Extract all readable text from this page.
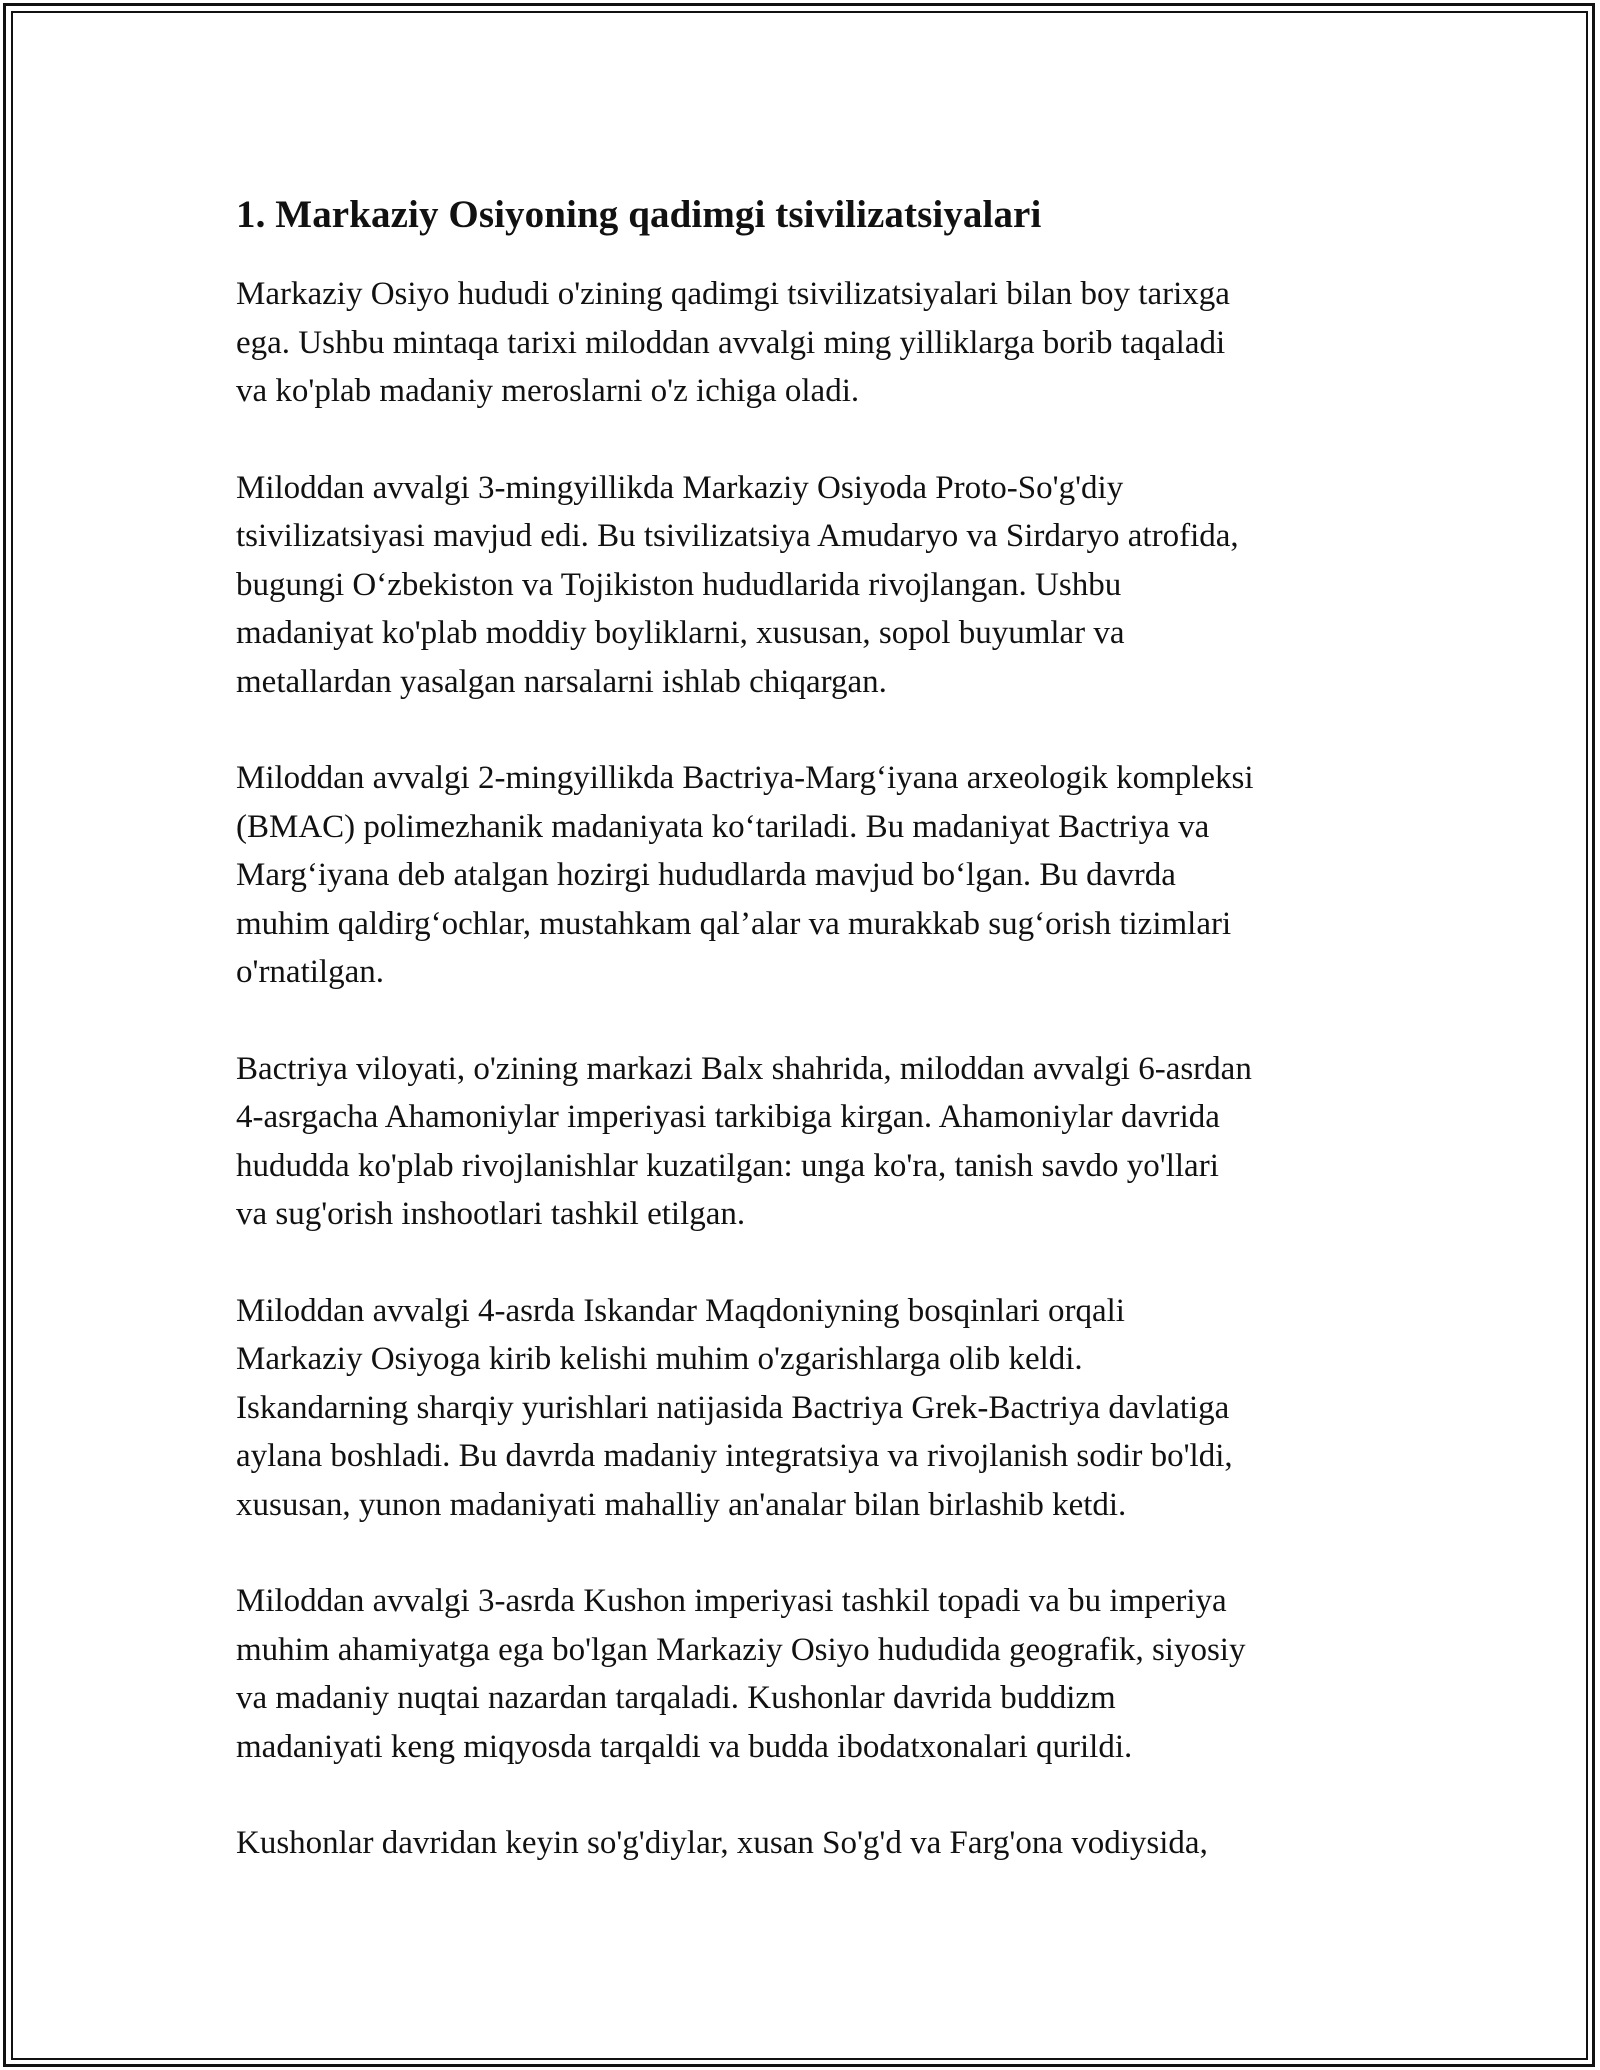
1. Markaziy Osiyoning qadimgi tsivilizatsiyalari

Markaziy Osiyo hududi o'zining qadimgi tsivilizatsiyalari bilan boy tarixga
ega. Ushbu mintaqa tarixi miloddan avvalgi ming yilliklarga borib taqaladi
va ko'plab madaniy meroslarni o'z ichiga oladi.

Miloddan avvalgi 3-mingyillikda Markaziy Osiyoda Proto-So'g'diy
tsivilizatsiyasi mavjud edi. Bu tsivilizatsiya Amudaryo va Sirdaryo atrofida,
bugungi O‘zbekiston va Tojikiston hududlarida rivojlangan. Ushbu
madaniyat ko'plab moddiy boyliklarni, xususan, sopol buyumlar va
metallardan yasalgan narsalarni ishlab chiqargan.

Miloddan avvalgi 2-mingyillikda Bactriya-Marg‘iyana arxeologik kompleksi
(BMAC) polimezhanik madaniyata ko‘tariladi. Bu madaniyat Bactriya va
Marg‘iyana deb atalgan hozirgi hududlarda mavjud bo‘lgan. Bu davrda
muhim qaldirg‘ochlar, mustahkam qal’alar va murakkab sug‘orish tizimlari
o'rnatilgan.

Bactriya viloyati, o'zining markazi Balx shahrida, miloddan avvalgi 6-asrdan
4-asrgacha Ahamoniylar imperiyasi tarkibiga kirgan. Ahamoniylar davrida
hududda ko'plab rivojlanishlar kuzatilgan: unga ko'ra, tanish savdo yo'llari
va sug'orish inshootlari tashkil etilgan.

Miloddan avvalgi 4-asrda Iskandar Maqdoniyning bosqinlari orqali
Markaziy Osiyoga kirib kelishi muhim o'zgarishlarga olib keldi.
Iskandarning sharqiy yurishlari natijasida Bactriya Grek-Bactriya davlatiga
aylana boshladi. Bu davrda madaniy integratsiya va rivojlanish sodir bo'ldi,
xususan, yunon madaniyati mahalliy an'analar bilan birlashib ketdi.

Miloddan avvalgi 3-asrda Kushon imperiyasi tashkil topadi va bu imperiya
muhim ahamiyatga ega bo'lgan Markaziy Osiyo hududida geografik, siyosiy
va madaniy nuqtai nazardan tarqaladi. Kushonlar davrida buddizm
madaniyati keng miqyosda tarqaldi va budda ibodatxonalari qurildi.

Kushonlar davridan keyin so'g'diylar, xusan So'g'd va Farg'ona vodiysida,
